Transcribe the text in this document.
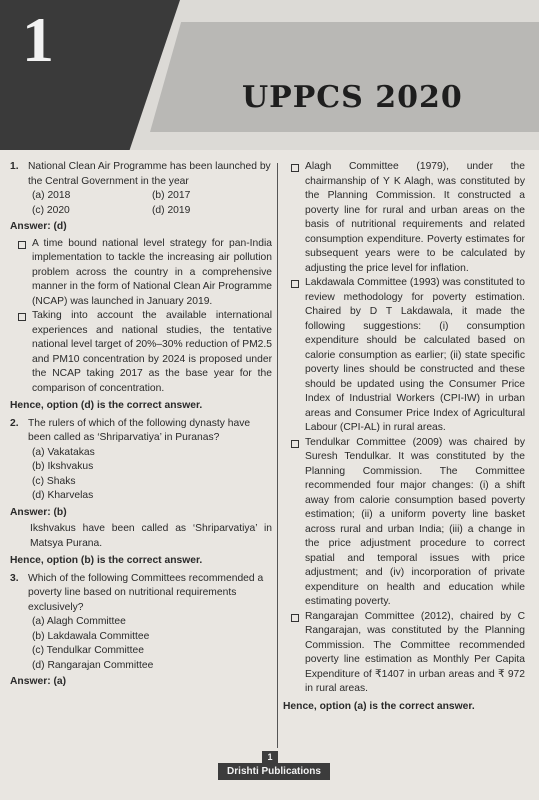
1
UPPCS 2020
1. National Clean Air Programme has been launched by the Central Government in the year
(a) 2018	(b) 2017
(c) 2020	(d) 2019
Answer: (d)
A time bound national level strategy for pan-India implementation to tackle the increasing air pollution problem across the country in a comprehensive manner in the form of National Clean Air Programme (NCAP) was launched in January 2019.
Taking into account the available international experiences and national studies, the tentative national level target of 20%–30% reduction of PM2.5 and PM10 concentration by 2024 is proposed under the NCAP taking 2017 as the base year for the comparison of concentration.
Hence, option (d) is the correct answer.
2. The rulers of which of the following dynasty have been called as ‘Shriparvatiya’ in Puranas?
(a) Vakatakas
(b) Ikshvakus
(c) Shaks
(d) Kharvelas
Answer: (b)
Ikshvakus have been called as ‘Shriparvatiya’ in Matsya Purana.
Hence, option (b) is the correct answer.
3. Which of the following Committees recommended a poverty line based on nutritional requirements exclusively?
(a) Alagh Committee
(b) Lakdawala Committee
(c) Tendulkar Committee
(d) Rangarajan Committee
Answer: (a)
Alagh Committee (1979), under the chairmanship of Y K Alagh, was constituted by the Planning Commission. It constructed a poverty line for rural and urban areas on the basis of nutritional requirements and related consumption expenditure. Poverty estimates for subsequent years were to be calculated by adjusting the price level for inflation.
Lakdawala Committee (1993) was constituted to review methodology for poverty estimation. Chaired by D T Lakdawala, it made the following suggestions: (i) consumption expenditure should be calculated based on calorie consumption as earlier; (ii) state specific poverty lines should be constructed and these should be updated using the Consumer Price Index of Industrial Workers (CPI-IW) in urban areas and Consumer Price Index of Agricultural Labour (CPI-AL) in rural areas.
Tendulkar Committee (2009) was chaired by Suresh Tendulkar. It was constituted by the Planning Commission. The Committee recommended four major changes: (i) a shift away from calorie consumption based poverty estimation; (ii) a uniform poverty line basket across rural and urban India; (iii) a change in the price adjustment procedure to correct spatial and temporal issues with price adjustment; and (iv) incorporation of private expenditure on health and education while estimating poverty.
Rangarajan Committee (2012), chaired by C Rangarajan, was constituted by the Planning Commission. The Committee recommended poverty line estimation as Monthly Per Capita Expenditure of ₹1407 in urban areas and ₹ 972 in rural areas.
Hence, option (a) is the correct answer.
1
Drishti Publications
